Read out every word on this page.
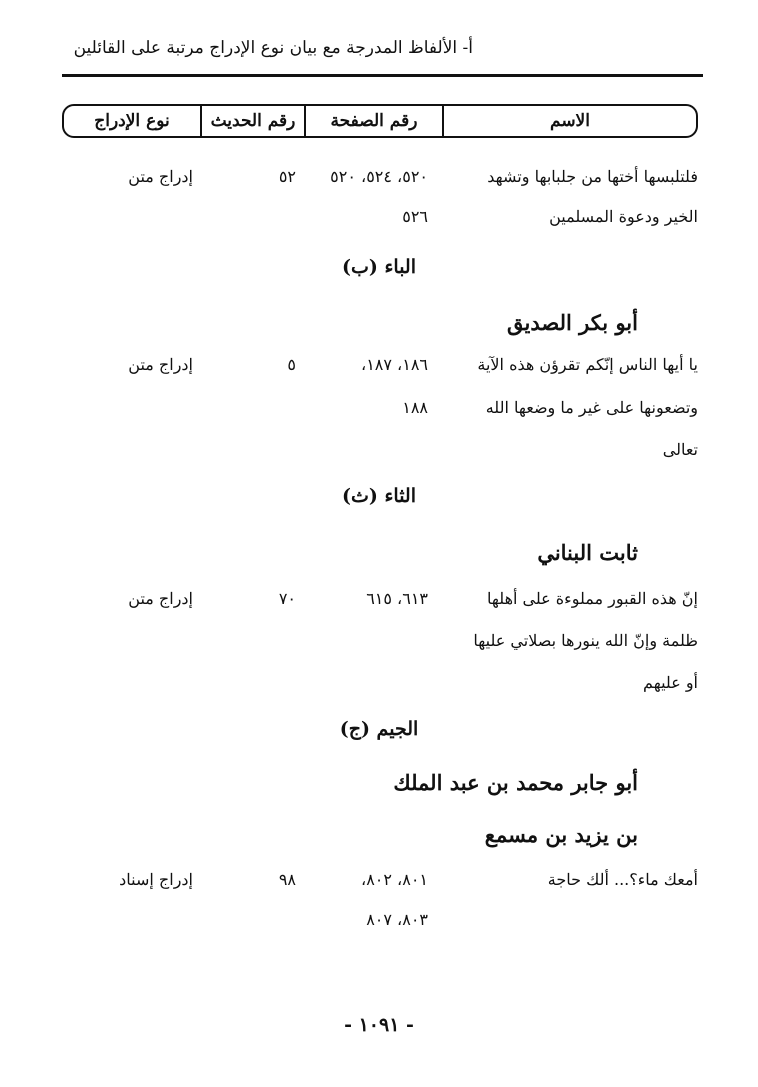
أ- الألفاظ المدرجة مع بيان نوع الإدراج مرتبة على القائلين
الاسم
رقم الصفحة
رقم الحديث
نوع الإدراج
فلتلبسها أختها من جلبابها وتشهد
٥٢٠، ٥٢٤، ٥٢٠
٥٢
إدراج متن
الخير ودعوة المسلمين
٥٢٦
الباء (ب)
أبو بكر الصديق
يا أيها الناس إنّكم تقرؤن هذه الآية
١٨٦، ١٨٧،
٥
إدراج متن
وتضعونها على غير ما وضعها الله
١٨٨
تعالى
الثاء (ث)
ثابت البناني
إنّ هذه القبور مملوءة على أهلها
٦١٣، ٦١٥
٧٠
إدراج متن
ظلمة وإنّ الله ينورها بصلاتي عليها
أو عليهم
الجيم (ج)
أبو جابر محمد بن عبد الملك
بن يزيد بن مسمع
أمعك ماء؟... ألك حاجة
٨٠١، ٨٠٢،
٩٨
إدراج إسناد
٨٠٣، ٨٠٧
- ١٠٩١ -
